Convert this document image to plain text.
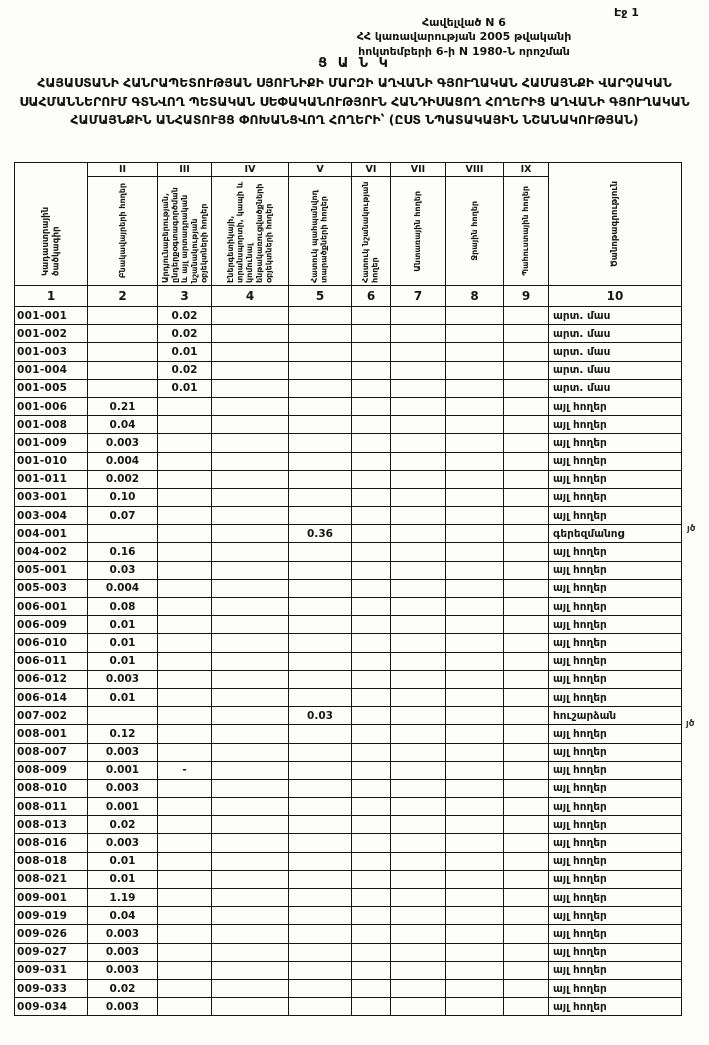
Էջ 1
Հավելված N 6
ՀՀ կառավարության 2005 թվականի
հոկտեմբերի 6-ի N 1980-Ն որոշման
Ց Ա Ն Կ
ՀԱՅԱՍՏԱՆԻ ՀԱՆՐԱՊԵՏՈՒԹՅԱՆ ՍՅՈՒՆԻՔԻ ՄԱՐԶԻ ԱՂՎԱՆԻ ԳՅՈՒՂԱԿԱՆ ՀԱՄԱՅՆՔԻ ՎԱՐՉԱԿԱՆ ՍԱՀՄԱՆՆԵՐՈՒՄ ԳՏՆՎՈՂ ՊԵՏԱԿԱՆ ՍԵՓԱԿԱՆՈՒԹՅՈՒՆ ՀԱՆԴԻՍԱՑՈՂ ՀՈՂԵՐԻՑ ԱՂՎԱՆԻ ԳՅՈՒՂԱԿԱՆ ՀԱՄԱՅՆՔԻՆ ԱՆՀԱՏՈՒՅՑ ՓՈԽԱՆՑՎՈՂ ՀՈՂԵՐԻ՝ (ԸՍՏ ՆՊԱՏԱԿԱՅԻՆ ՆՇԱՆԱԿՈՒԹՅԱՆ)
Կադաստրային ծածկագիր	II	III	IV	V	VI	VII	VIII	IX	Ծանոթագրություն

	Բնակավայրերի հողեր	Արդյունաբերության, ընդերքօգտագործման և այլ արտադրական նշանակության օբյեկտների հողեր	Էներգետիկայի, տրանսպորտի, կապի և կոմունալ ենթակառուցվածքների օբյեկտների հողեր	Հատուկ պահպանվող տարածքների հողեր	Հատուկ նշանակության հողեր	Անտառային հողեր	Ջրային հողեր	Պահուստային հողեր	

1	2	3	4	5	6	7	8	9	10
001-001		0.02							արտ. մաս
001-002		0.02							արտ. մաս
001-003		0.01							արտ. մաս
001-004		0.02							արտ. մաս
001-005		0.01							արտ. մաս
001-006	0.21								այլ հողեր
001-008	0.04								այլ հողեր
001-009	0.003								այլ հողեր
001-010	0.004								այլ հողեր
001-011	0.002								այլ հողեր
003-001	0.10								այլ հողեր
003-004	0.07								այլ հողեր
004-001				0.36					գերեզմանոց
004-002	0.16								այլ հողեր
005-001	0.03								այլ հողեր
005-003	0.004								այլ հողեր
006-001	0.08								այլ հողեր
006-009	0.01								այլ հողեր
006-010	0.01								այլ հողեր
006-011	0.01								այլ հողեր
006-012	0.003								այլ հողեր
006-014	0.01								այլ հողեր
007-002				0.03					հուշարձան
008-001	0.12								այլ հողեր
008-007	0.003								այլ հողեր
008-009	0.001	-							այլ հողեր
008-010	0.003								այլ հողեր
008-011	0.001								այլ հողեր
008-013	0.02								այլ հողեր
008-016	0.003								այլ հողեր
008-018	0.01								այլ հողեր
008-021	0.01								այլ հողեր
009-001	1.19								այլ հողեր
009-019	0.04								այլ հողեր
009-026	0.003								այլ հողեր
009-027	0.003								այլ հողեր
009-031	0.003								այլ հողեր
009-033	0.02								այլ հողեր
009-034	0.003								այլ հողեր
յծ
յծ
